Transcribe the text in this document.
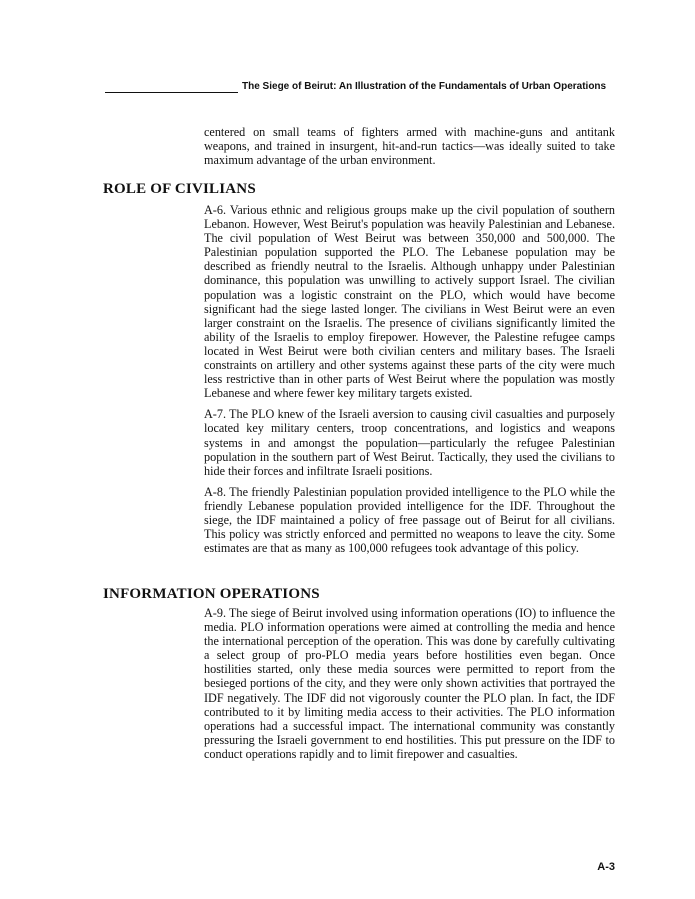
The Siege of Beirut: An Illustration of the Fundamentals of Urban Operations

centered on small teams of fighters armed with machine-guns and antitank weapons, and trained in insurgent, hit-and-run tactics—was ideally suited to take maximum advantage of the urban environment.

ROLE OF CIVILIANS

A-6. Various ethnic and religious groups make up the civil population of southern Lebanon. However, West Beirut's population was heavily Palestinian and Lebanese. The civil population of West Beirut was between 350,000 and 500,000. The Palestinian population supported the PLO. The Lebanese population may be described as friendly neutral to the Israelis. Although unhappy under Palestinian dominance, this population was unwilling to actively support Israel. The civilian population was a logistic constraint on the PLO, which would have become significant had the siege lasted longer. The civilians in West Beirut were an even larger constraint on the Israelis. The presence of civilians significantly limited the ability of the Israelis to employ firepower. However, the Palestine refugee camps located in West Beirut were both civilian centers and military bases. The Israeli constraints on artillery and other systems against these parts of the city were much less restrictive than in other parts of West Beirut where the population was mostly Lebanese and where fewer key military targets existed.

A-7. The PLO knew of the Israeli aversion to causing civil casualties and purposely located key military centers, troop concentrations, and logistics and weapons systems in and amongst the population—particularly the refugee Palestinian population in the southern part of West Beirut. Tactically, they used the civilians to hide their forces and infiltrate Israeli positions.

A-8. The friendly Palestinian population provided intelligence to the PLO while the friendly Lebanese population provided intelligence for the IDF. Throughout the siege, the IDF maintained a policy of free passage out of Beirut for all civilians. This policy was strictly enforced and permitted no weapons to leave the city. Some estimates are that as many as 100,000 refugees took advantage of this policy.

INFORMATION OPERATIONS

A-9. The siege of Beirut involved using information operations (IO) to influence the media. PLO information operations were aimed at controlling the media and hence the international perception of the operation. This was done by carefully cultivating a select group of pro-PLO media years before hostilities even began. Once hostilities started, only these media sources were permitted to report from the besieged portions of the city, and they were only shown activities that portrayed the IDF negatively. The IDF did not vigorously counter the PLO plan. In fact, the IDF contributed to it by limiting media access to their activities. The PLO information operations had a successful impact. The international community was constantly pressuring the Israeli government to end hostilities. This put pressure on the IDF to conduct operations rapidly and to limit firepower and casualties.

A-3
